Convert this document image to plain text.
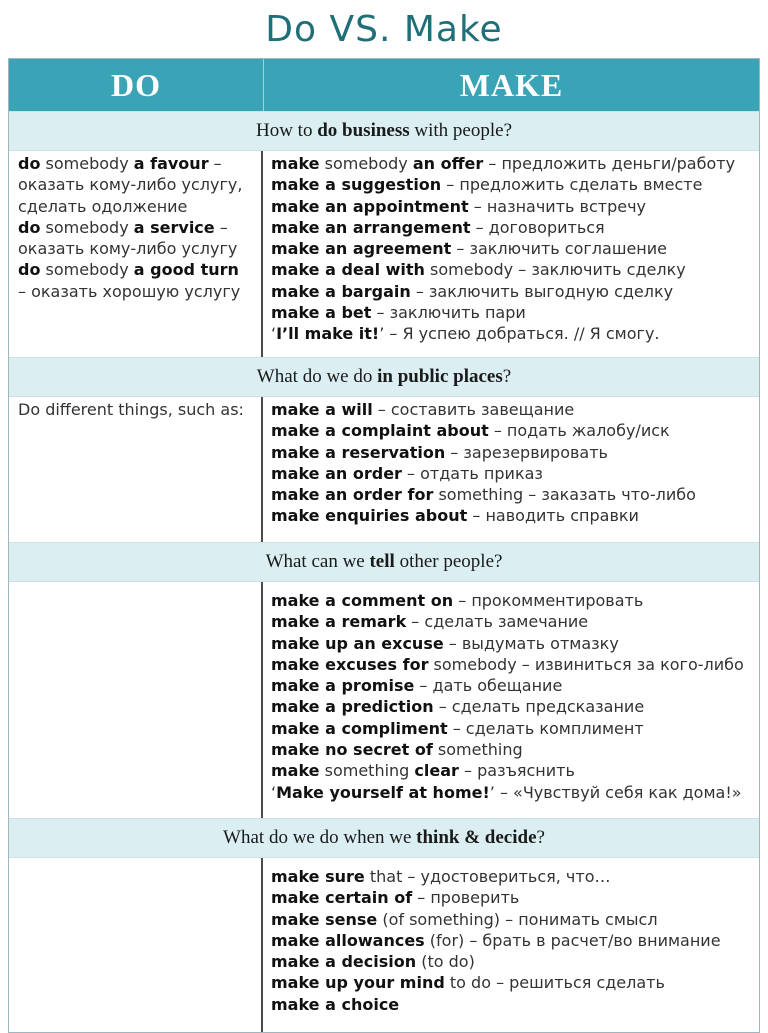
Do VS. Make
DO	MAKE
How to do business with people?
do somebody a favour –
оказать кому-либо услугу,
сделать одолжение
do somebody a service –
оказать кому-либо услугу
do somebody a good turn
– оказать хорошую услугу
make somebody an offer – предложить деньги/работу
make a suggestion – предложить сделать вместе
make an appointment – назначить встречу
make an arrangement – договориться
make an agreement – заключить соглашение
make a deal with somebody – заключить сделку
make a bargain – заключить выгодную сделку
make a bet – заключить пари
‘I’ll make it!’ – Я успею добраться. // Я смогу.
What do we do in public places?
Do different things, such as:	make a will – составить завещание
make a complaint about – подать жалобу/иск
make a reservation – зарезервировать
make an order – отдать приказ
make an order for something – заказать что-либо
make enquiries about – наводить справки
What can we tell other people?
make a comment on – прокомментировать
make a remark – сделать замечание
make up an excuse – выдумать отмазку
make excuses for somebody – извиниться за кого-либо
make a promise – дать обещание
make a prediction – сделать предсказание
make a compliment – сделать комплимент
make no secret of something
make something clear – разъяснить
‘Make yourself at home!’ – «Чувствуй себя как дома!»
What do we do when we think & decide?
make sure that – удостовериться, что…
make certain of – проверить
make sense (of something) – понимать смысл
make allowances (for) – брать в расчет/во внимание
make a decision (to do)
make up your mind to do – решиться сделать
make a choice
